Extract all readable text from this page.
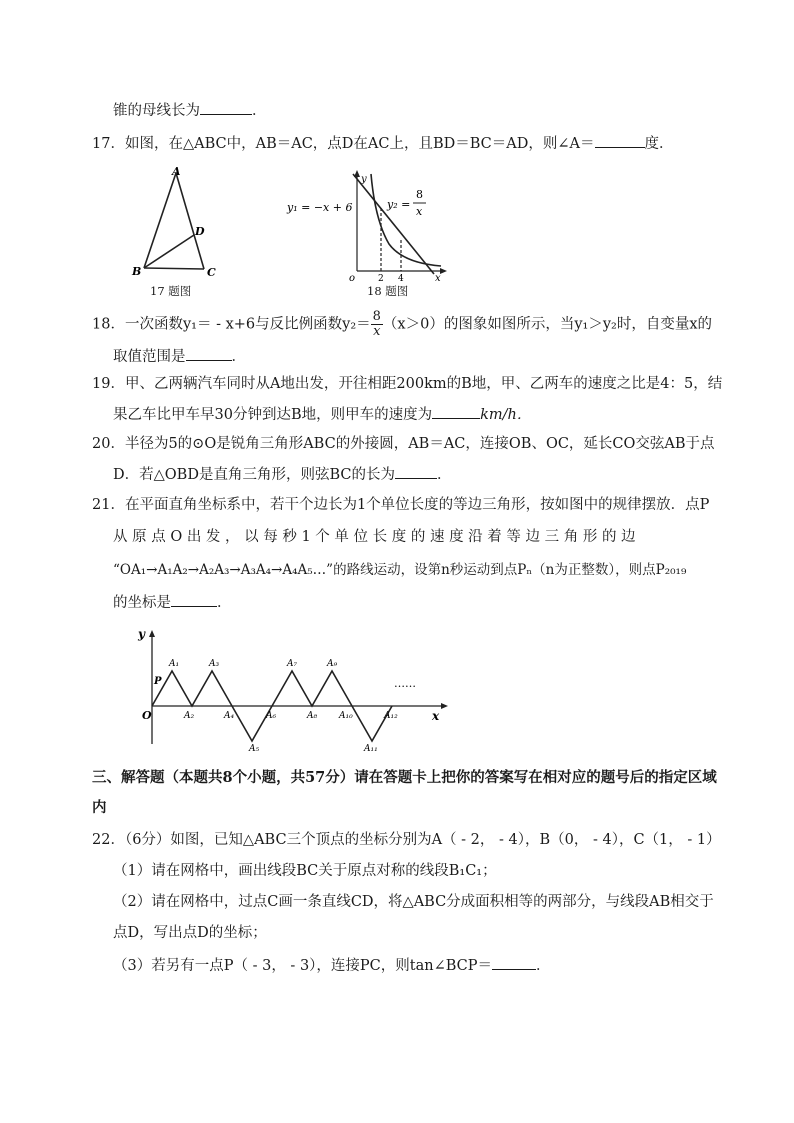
锥的母线长为	．
17．如图，在△ABC中，AB＝AC，点D在AC上，且BD＝BC＝AD，则∠A＝	度．
A
B	C
D
17 题图
y
x
o	2 4
y₁ = −x + 6	y₂ =
8
x
18 题图
18．一次函数y₁＝ - x+6与反比例函数$y_2= \frac{8}{x} (x>0)$的图象如图所示，当y₁＞y₂时，自变量x的
取值范围是	．
19．甲、乙两辆汽车同时从A地出发，开往相距200km的B地，甲、乙两车的速度之比是4：5，结
果乙车比甲车早30分钟到达B地，则甲车的速度为	km/h．
20．半径为5的⊙O是锐角三角形ABC的外接圆，AB＝AC，连接OB、OC，延长CO交弦AB于点
D．若△OBD是直角三角形，则弦BC的长为	．
21．在平面直角坐标系中，若干个边长为1个单位长度的等边三角形，按如图中的规律摆放．点P
从 原 点 O 出 发 ， 以 每 秒 1 个 单 位 长 度 的 速 度 沿 着 等 边 三 角 形 的 边
“OA₁→A₁A₂→A₂A₃→A₃A₄→A₄A₅…”的路线运动，设第n秒运动到点Pₙ（n为正整数），则点P₂₀₁₉
的坐标是	．
y
x
O
P	……
A₁
A₂
A₃
A₄
A₅
A₆
A₇
A₈
A₉
A₁₀
A₁₁
A₁₂
三、解答题（本题共8个小题，共57分）请在答题卡上把你的答案写在相对应的题号后的指定区域
内
22．（6分）如图，已知△ABC三个顶点的坐标分别为A（ - 2， - 4），B（0， - 4），C（1， - 1）
（1）请在网格中，画出线段BC关于原点对称的线段B₁C₁；
（2）请在网格中，过点C画一条直线CD，将△ABC分成面积相等的两部分，与线段AB相交于
点D，写出点D的坐标；
（3）若另有一点P（ - 3， - 3），连接PC，则tan∠BCP＝	．
